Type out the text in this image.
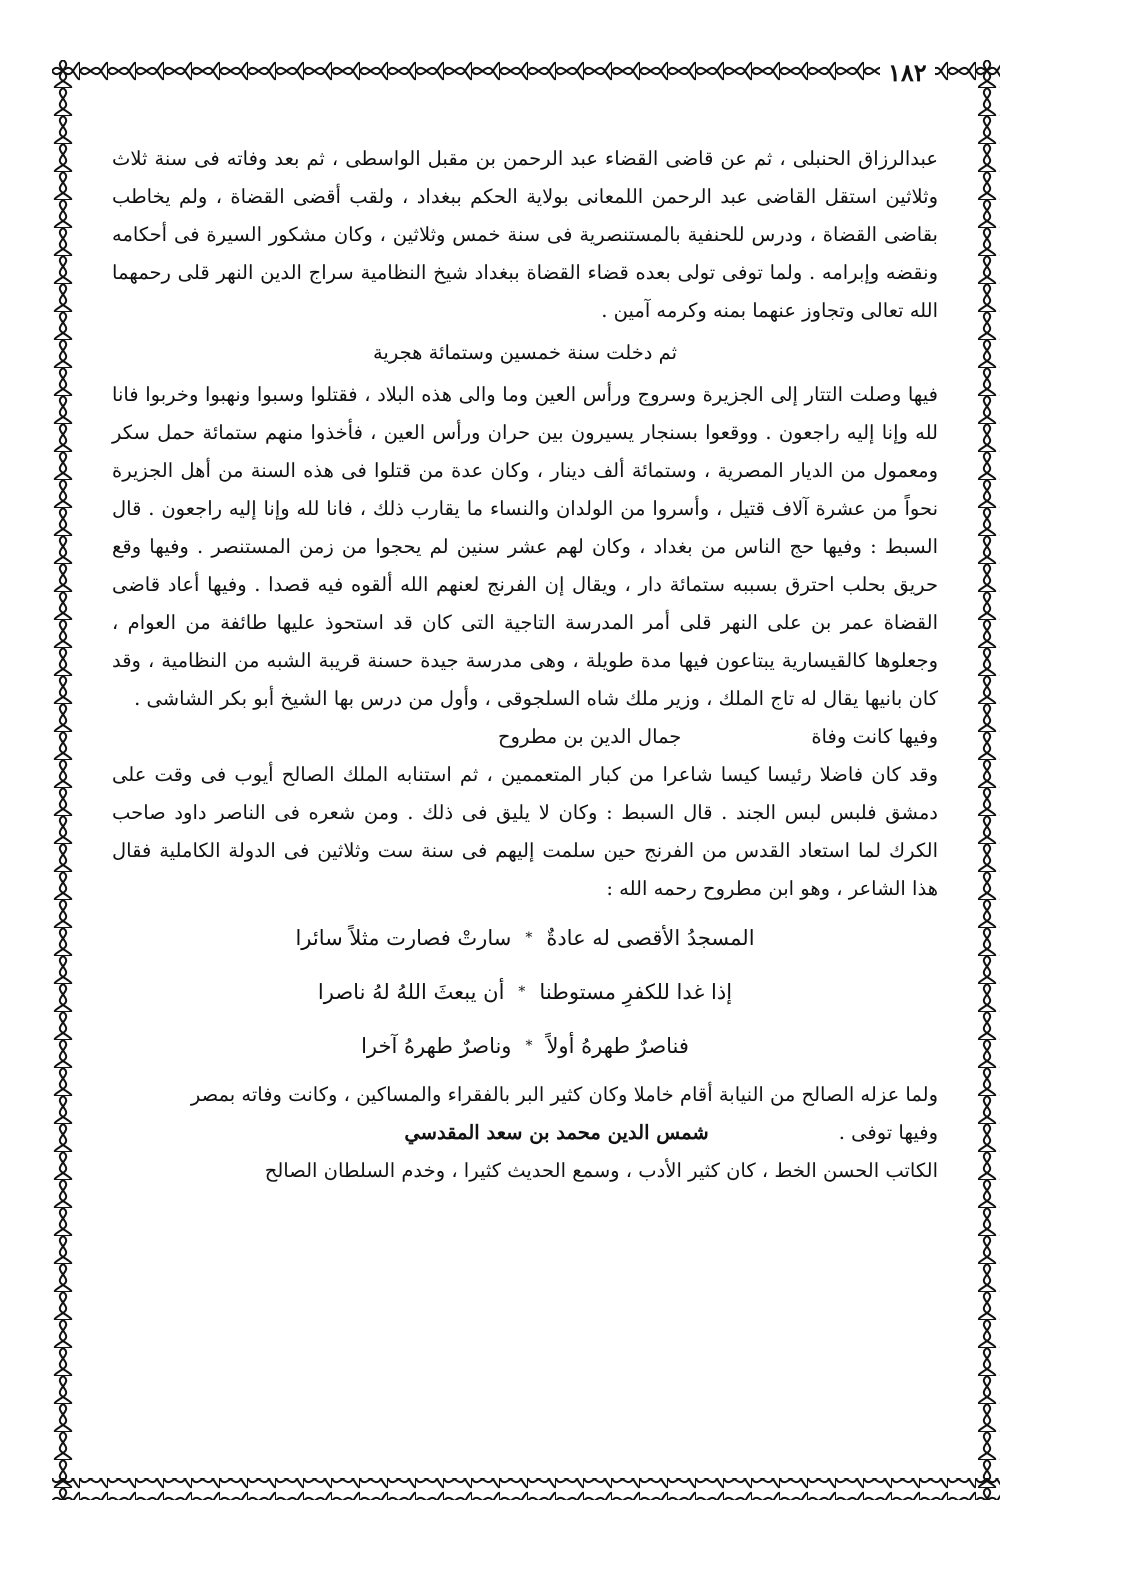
١٨٢

عبدالرزاق الحنبلى ، ثم عن قاضى القضاء عبد الرحمن بن مقبل الواسطى ، ثم بعد وفاته فى سنة ثلاث وثلاثين استقل القاضى عبد الرحمن اللمعانى بولاية الحكم ببغداد ، ولقب أقضى القضاة ، ولم يخاطب بقاضى القضاة ، ودرس للحنفية بالمستنصرية فى سنة خمس وثلاثين ، وكان مشكور السيرة فى أحكامه ونقضه وإبرامه . ولما توفى تولى بعده قضاء القضاة ببغداد شيخ النظامية سراج الدين النهر قلى رحمهما الله تعالى وتجاوز عنهما بمنه وكرمه آمين .

ثم دخلت سنة خمسين وستمائة هجرية

فيها وصلت التتار إلى الجزيرة وسروج ورأس العين وما والى هذه البلاد ، فقتلوا وسبوا ونهبوا وخربوا فانا لله وإنا إليه راجعون . ووقعوا بسنجار يسيرون بين حران ورأس العين ، فأخذوا منهم ستمائة حمل سكر ومعمول من الديار المصرية ، وستمائة ألف دينار ، وكان عدة من قتلوا فى هذه السنة من أهل الجزيرة نحواً من عشرة آلاف قتيل ، وأسروا من الولدان والنساء ما يقارب ذلك ، فانا لله وإنا إليه راجعون . قال السبط : وفيها حج الناس من بغداد ، وكان لهم عشر سنين لم يحجوا من زمن المستنصر . وفيها وقع حريق بحلب احترق بسببه ستمائة دار ، ويقال إن الفرنج لعنهم الله ألقوه فيه قصدا . وفيها أعاد قاضى القضاة عمر بن على النهر قلى أمر المدرسة التاجية التى كان قد استحوذ عليها طائفة من العوام ، وجعلوها كالقيسارية يبتاعون فيها مدة طويلة ، وهى مدرسة جيدة حسنة قريبة الشبه من النظامية ، وقد كان بانيها يقال له تاج الملك ، وزير ملك شاه السلجوقى ، وأول من درس بها الشيخ أبو بكر الشاشى .

وفيها كانت وفاة
جمال الدين بن مطروح

وقد كان فاضلا رئيسا كيسا شاعرا من كبار المتعممين ، ثم استنابه الملك الصالح أيوب فى وقت على دمشق فلبس لبس الجند . قال السبط : وكان لا يليق فى ذلك . ومن شعره فى الناصر داود صاحب الكرك لما استعاد القدس من الفرنج حين سلمت إليهم فى سنة ست وثلاثين فى الدولة الكاملية فقال هذا الشاعر ، وهو ابن مطروح رحمه الله :

المسجدُ الأقصى له عادةٌ
*
سارتْ فصارت مثلاً سائرا

إذا غدا للكفرِ مستوطنا
*
أن يبعثَ اللهُ لهُ ناصرا

فناصرٌ طهرهُ أولاً
*
وناصرٌ طهرهُ آخرا

ولما عزله الصالح من النيابة أقام خاملا وكان كثير البر بالفقراء والمساكين ، وكانت وفاته بمصر

وفيها توفى .
شمس الدين محمد بن سعد المقدسي

الكاتب الحسن الخط ، كان كثير الأدب ، وسمع الحديث كثيرا ، وخدم السلطان الصالح
